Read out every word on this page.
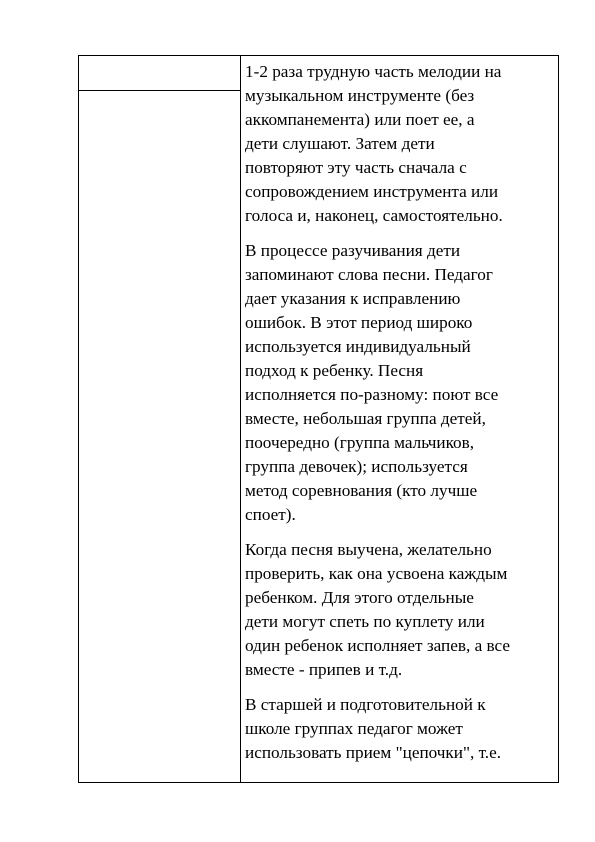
1-2 раза трудную часть мелодии на
музыкальном инструменте (без
аккомпанемента) или поет ее, а
дети слушают. Затем дети
повторяют эту часть сначала с
сопровождением инструмента или
голоса и, наконец, самостоятельно.

В процессе разучивания дети
запоминают слова песни. Педагог
дает указания к исправлению
ошибок. В этот период широко
используется индивидуальный
подход к ребенку. Песня
исполняется по-разному: поют все
вместе, небольшая группа детей,
поочередно (группа мальчиков,
группа девочек); используется
метод соревнования (кто лучше
споет).

Когда песня выучена, желательно
проверить, как она усвоена каждым
ребенком. Для этого отдельные
дети могут спеть по куплету или
один ребенок исполняет запев, а все
вместе - припев и т.д.

В старшей и подготовительной к
школе группах педагог может
использовать прием "цепочки", т.е.
